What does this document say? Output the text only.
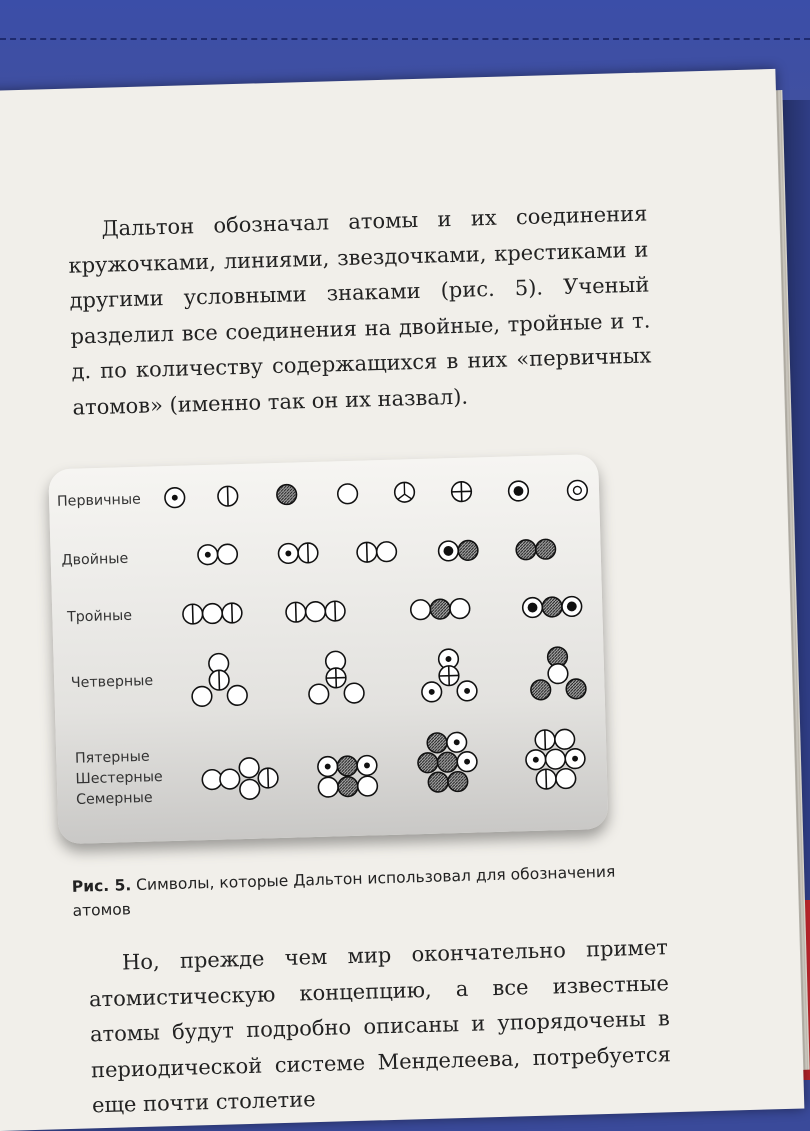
Дальтон обозначал атомы и их соединения кружочками, линиями, звездочками, крестиками и другими условными знаками (рис. 5). Ученый разделил все соединения на двойные, тройные и т. д. по количеству содержащихся в них «первичных атомов» (именно так он их назвал).

Первичные
Двойные
Тройные
Четверные
Пятерные
Шестерные
Семерные
Рис. 5. Символы, которые Дальтон использовал для обозначения атомов

Но, прежде чем мир окончательно примет атомистическую концепцию, а все известные атомы будут подробно описаны и упорядочены в периодической системе Менделеева, потребуется еще почти столетие
